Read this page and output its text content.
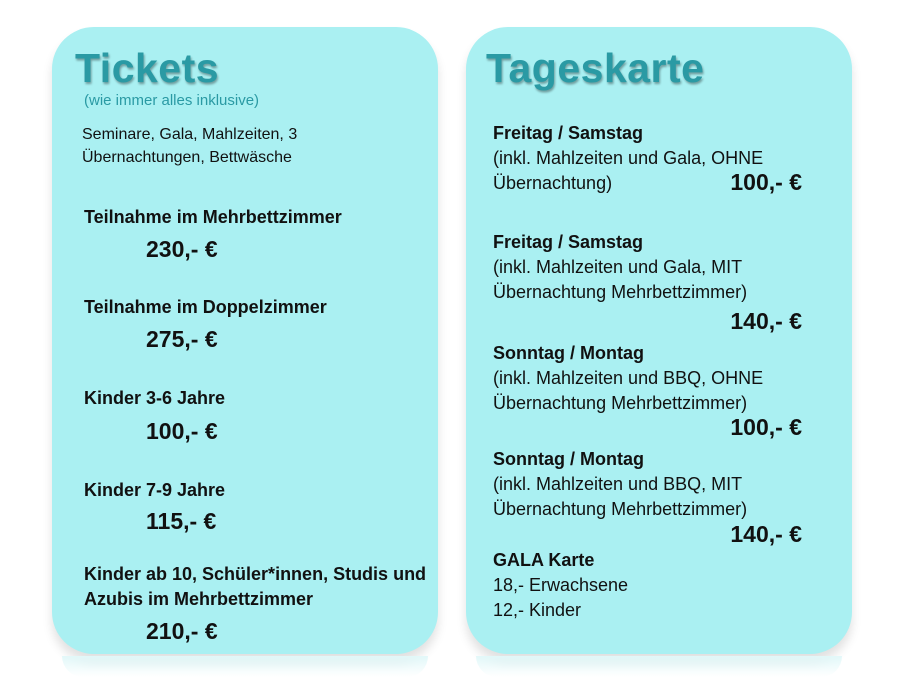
Tickets
(wie immer alles inklusive)
Seminare, Gala, Mahlzeiten, 3 Übernachtungen, Bettwäsche
Teilnahme im Mehrbettzimmer
230,- €
Teilnahme im Doppelzimmer
275,- €
Kinder 3-6 Jahre
100,- €
Kinder 7-9 Jahre
115,- €
Kinder ab 10, Schüler*innen, Studis und Azubis im Mehrbettzimmer
210,- €
Tageskarte
Freitag / Samstag
(inkl. Mahlzeiten und Gala, OHNE Übernachtung)	100,- €
Freitag / Samstag
(inkl. Mahlzeiten und Gala, MIT Übernachtung Mehrbettzimmer)
140,- €
Sonntag / Montag
(inkl. Mahlzeiten und BBQ, OHNE Übernachtung Mehrbettzimmer)
100,- €
Sonntag / Montag
(inkl. Mahlzeiten und BBQ, MIT Übernachtung Mehrbettzimmer)
140,- €
GALA Karte
18,- Erwachsene
12,- Kinder
